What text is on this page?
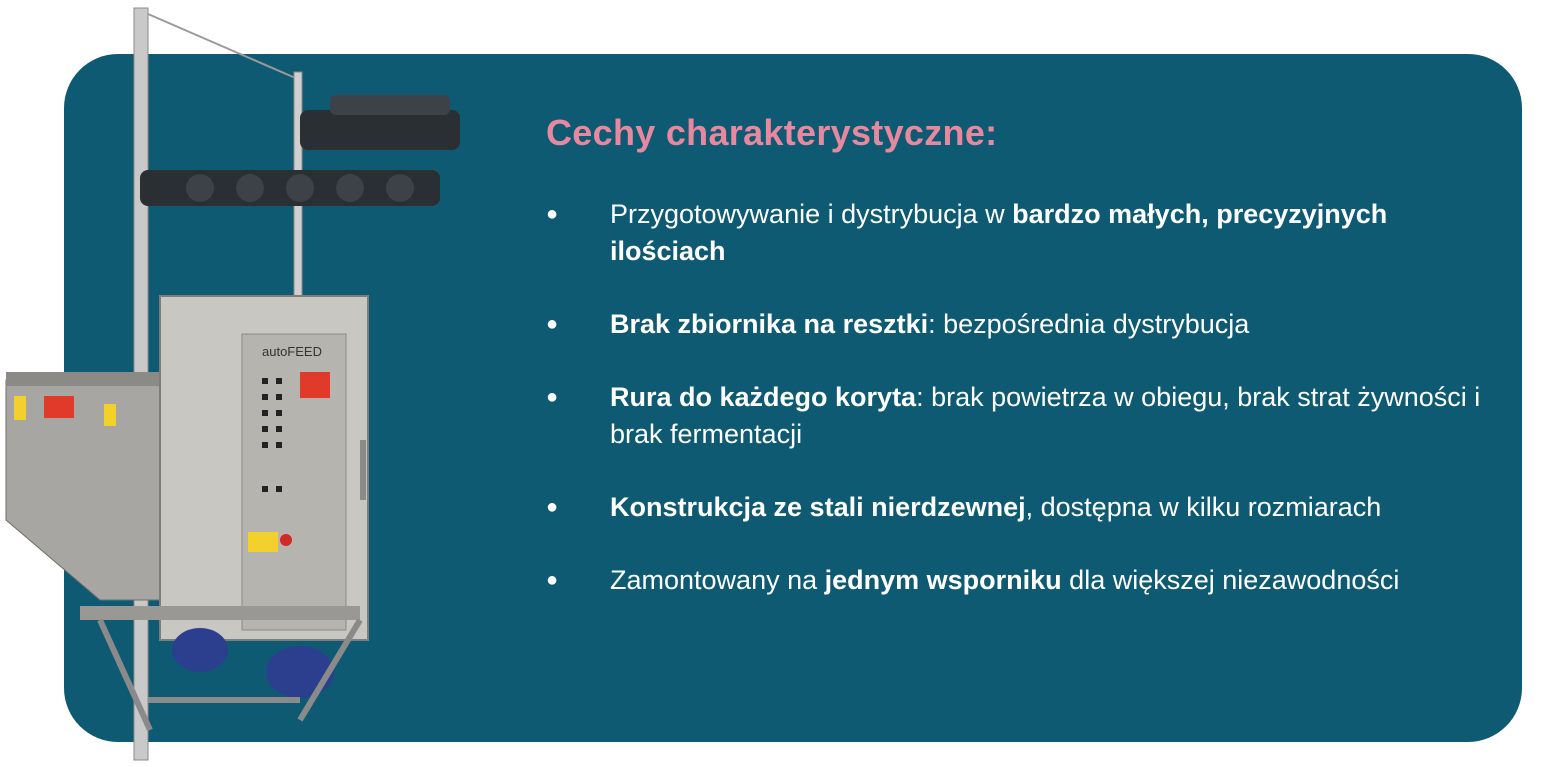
autoFEED
Cechy charakterystyczne:
● Przygotowywanie i dystrybucja w bardzo małych, precyzyjnych ilościach
● Brak zbiornika na resztki: bezpośrednia dystrybucja
● Rura do każdego koryta: brak powietrza w obiegu, brak strat żywności i brak fermentacji
● Konstrukcja ze stali nierdzewnej, dostępna w kilku rozmiarach
● Zamontowany na jednym wsporniku dla większej niezawodności
